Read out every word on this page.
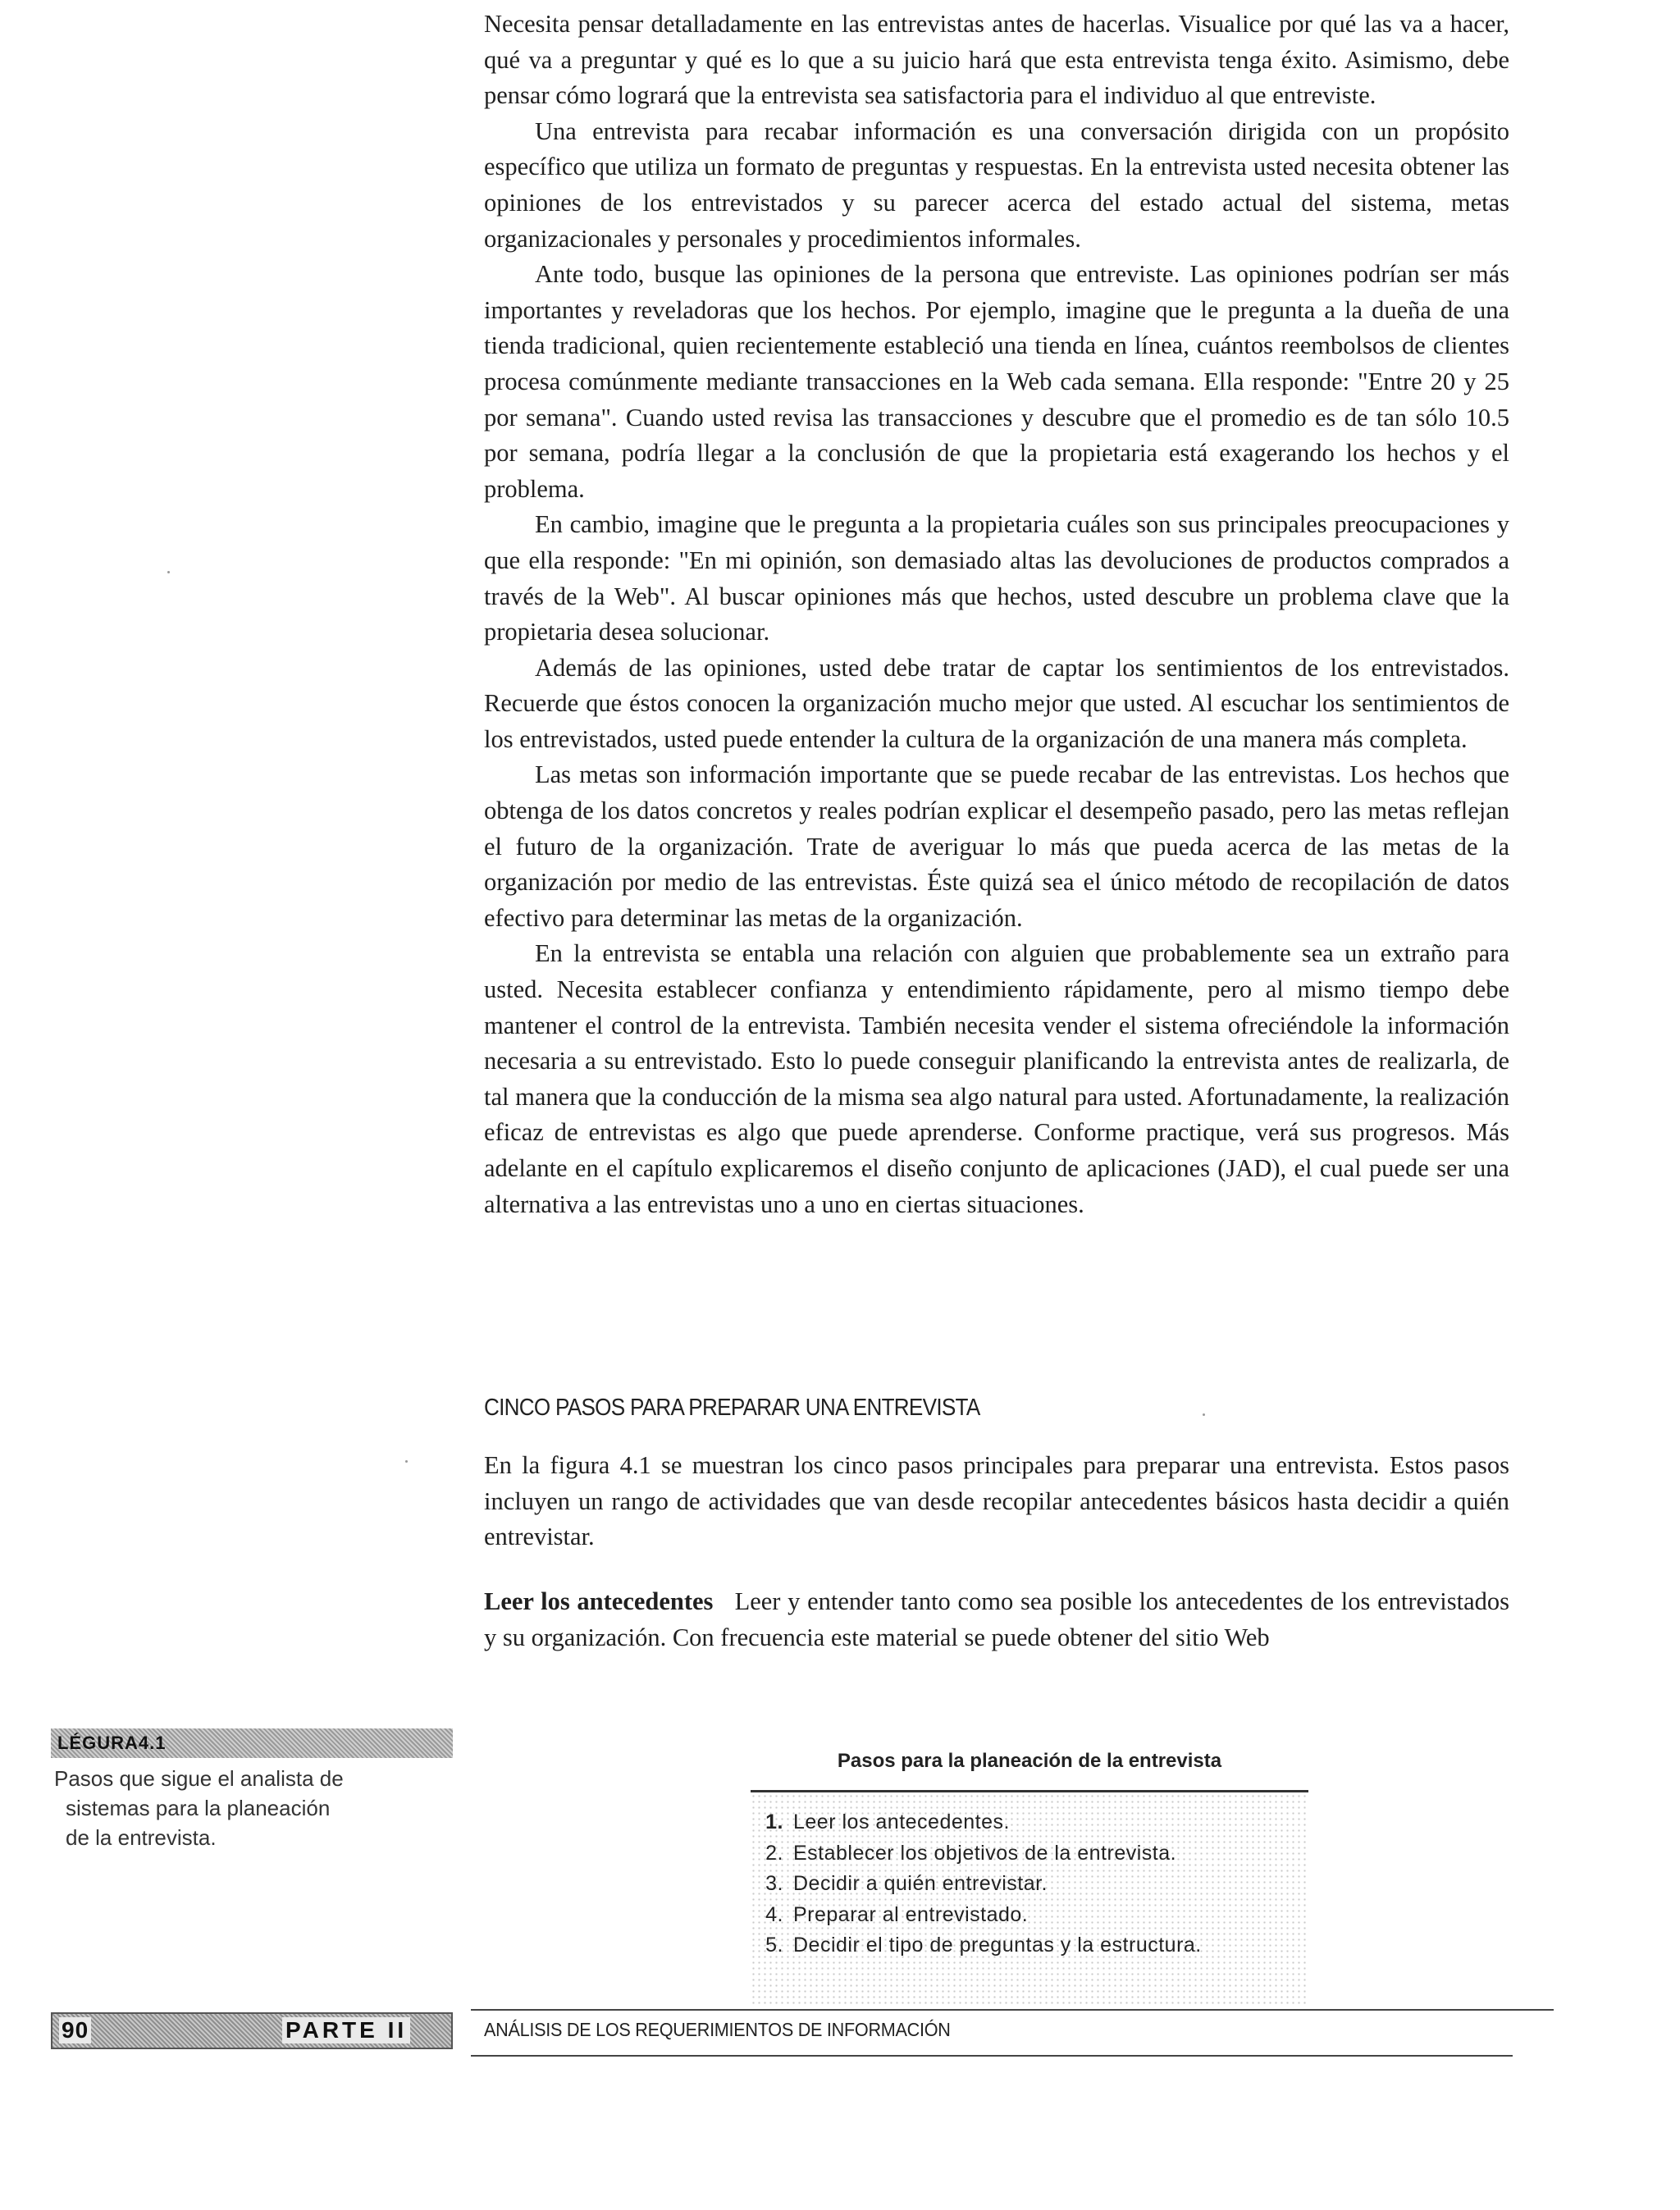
Necesita pensar detalladamente en las entrevistas antes de hacerlas. Visualice por qué las va a hacer, qué va a preguntar y qué es lo que a su juicio hará que esta entrevista tenga éxito. Asimismo, debe pensar cómo logrará que la entrevista sea satisfactoria para el individuo al que entreviste.

Una entrevista para recabar información es una conversación dirigida con un propósito específico que utiliza un formato de preguntas y respuestas. En la entrevista usted necesita obtener las opiniones de los entrevistados y su parecer acerca del estado actual del sistema, metas organizacionales y personales y procedimientos informales.

Ante todo, busque las opiniones de la persona que entreviste. Las opiniones podrían ser más importantes y reveladoras que los hechos. Por ejemplo, imagine que le pregunta a la dueña de una tienda tradicional, quien recientemente estableció una tienda en línea, cuántos reembolsos de clientes procesa comúnmente mediante transacciones en la Web cada semana. Ella responde: "Entre 20 y 25 por semana". Cuando usted revisa las transacciones y descubre que el promedio es de tan sólo 10.5 por semana, podría llegar a la conclusión de que la propietaria está exagerando los hechos y el problema.

En cambio, imagine que le pregunta a la propietaria cuáles son sus principales preocupaciones y que ella responde: "En mi opinión, son demasiado altas las devoluciones de productos comprados a través de la Web". Al buscar opiniones más que hechos, usted descubre un problema clave que la propietaria desea solucionar.

Además de las opiniones, usted debe tratar de captar los sentimientos de los entrevistados. Recuerde que éstos conocen la organización mucho mejor que usted. Al escuchar los sentimientos de los entrevistados, usted puede entender la cultura de la organización de una manera más completa.

Las metas son información importante que se puede recabar de las entrevistas. Los hechos que obtenga de los datos concretos y reales podrían explicar el desempeño pasado, pero las metas reflejan el futuro de la organización. Trate de averiguar lo más que pueda acerca de las metas de la organización por medio de las entrevistas. Éste quizá sea el único método de recopilación de datos efectivo para determinar las metas de la organización.

En la entrevista se entabla una relación con alguien que probablemente sea un extraño para usted. Necesita establecer confianza y entendimiento rápidamente, pero al mismo tiempo debe mantener el control de la entrevista. También necesita vender el sistema ofreciéndole la información necesaria a su entrevistado. Esto lo puede conseguir planificando la entrevista antes de realizarla, de tal manera que la conducción de la misma sea algo natural para usted. Afortunadamente, la realización eficaz de entrevistas es algo que puede aprenderse. Conforme practique, verá sus progresos. Más adelante en el capítulo explicaremos el diseño conjunto de aplicaciones (JAD), el cual puede ser una alternativa a las entrevistas uno a uno en ciertas situaciones.

CINCO PASOS PARA PREPARAR UNA ENTREVISTA

En la figura 4.1 se muestran los cinco pasos principales para preparar una entrevista. Estos pasos incluyen un rango de actividades que van desde recopilar antecedentes básicos hasta decidir a quién entrevistar.

Leer los antecedentes Leer y entender tanto como sea posible los antecedentes de los entrevistados y su organización. Con frecuencia este material se puede obtener del sitio Web

LÉGURA4.1
Pasos que sigue el analista de
sistemas para la planeación
de la entrevista.
Pasos para la planeación de la entrevista
1. Leer los antecedentes.
2. Establecer los objetivos de la entrevista.
3. Decidir a quién entrevistar.
4. Preparar al entrevistado.
5. Decidir el tipo de preguntas y la estructura.
90	PARTE II	ANÁLISIS DE LOS REQUERIMIENTOS DE INFORMACIÓN
